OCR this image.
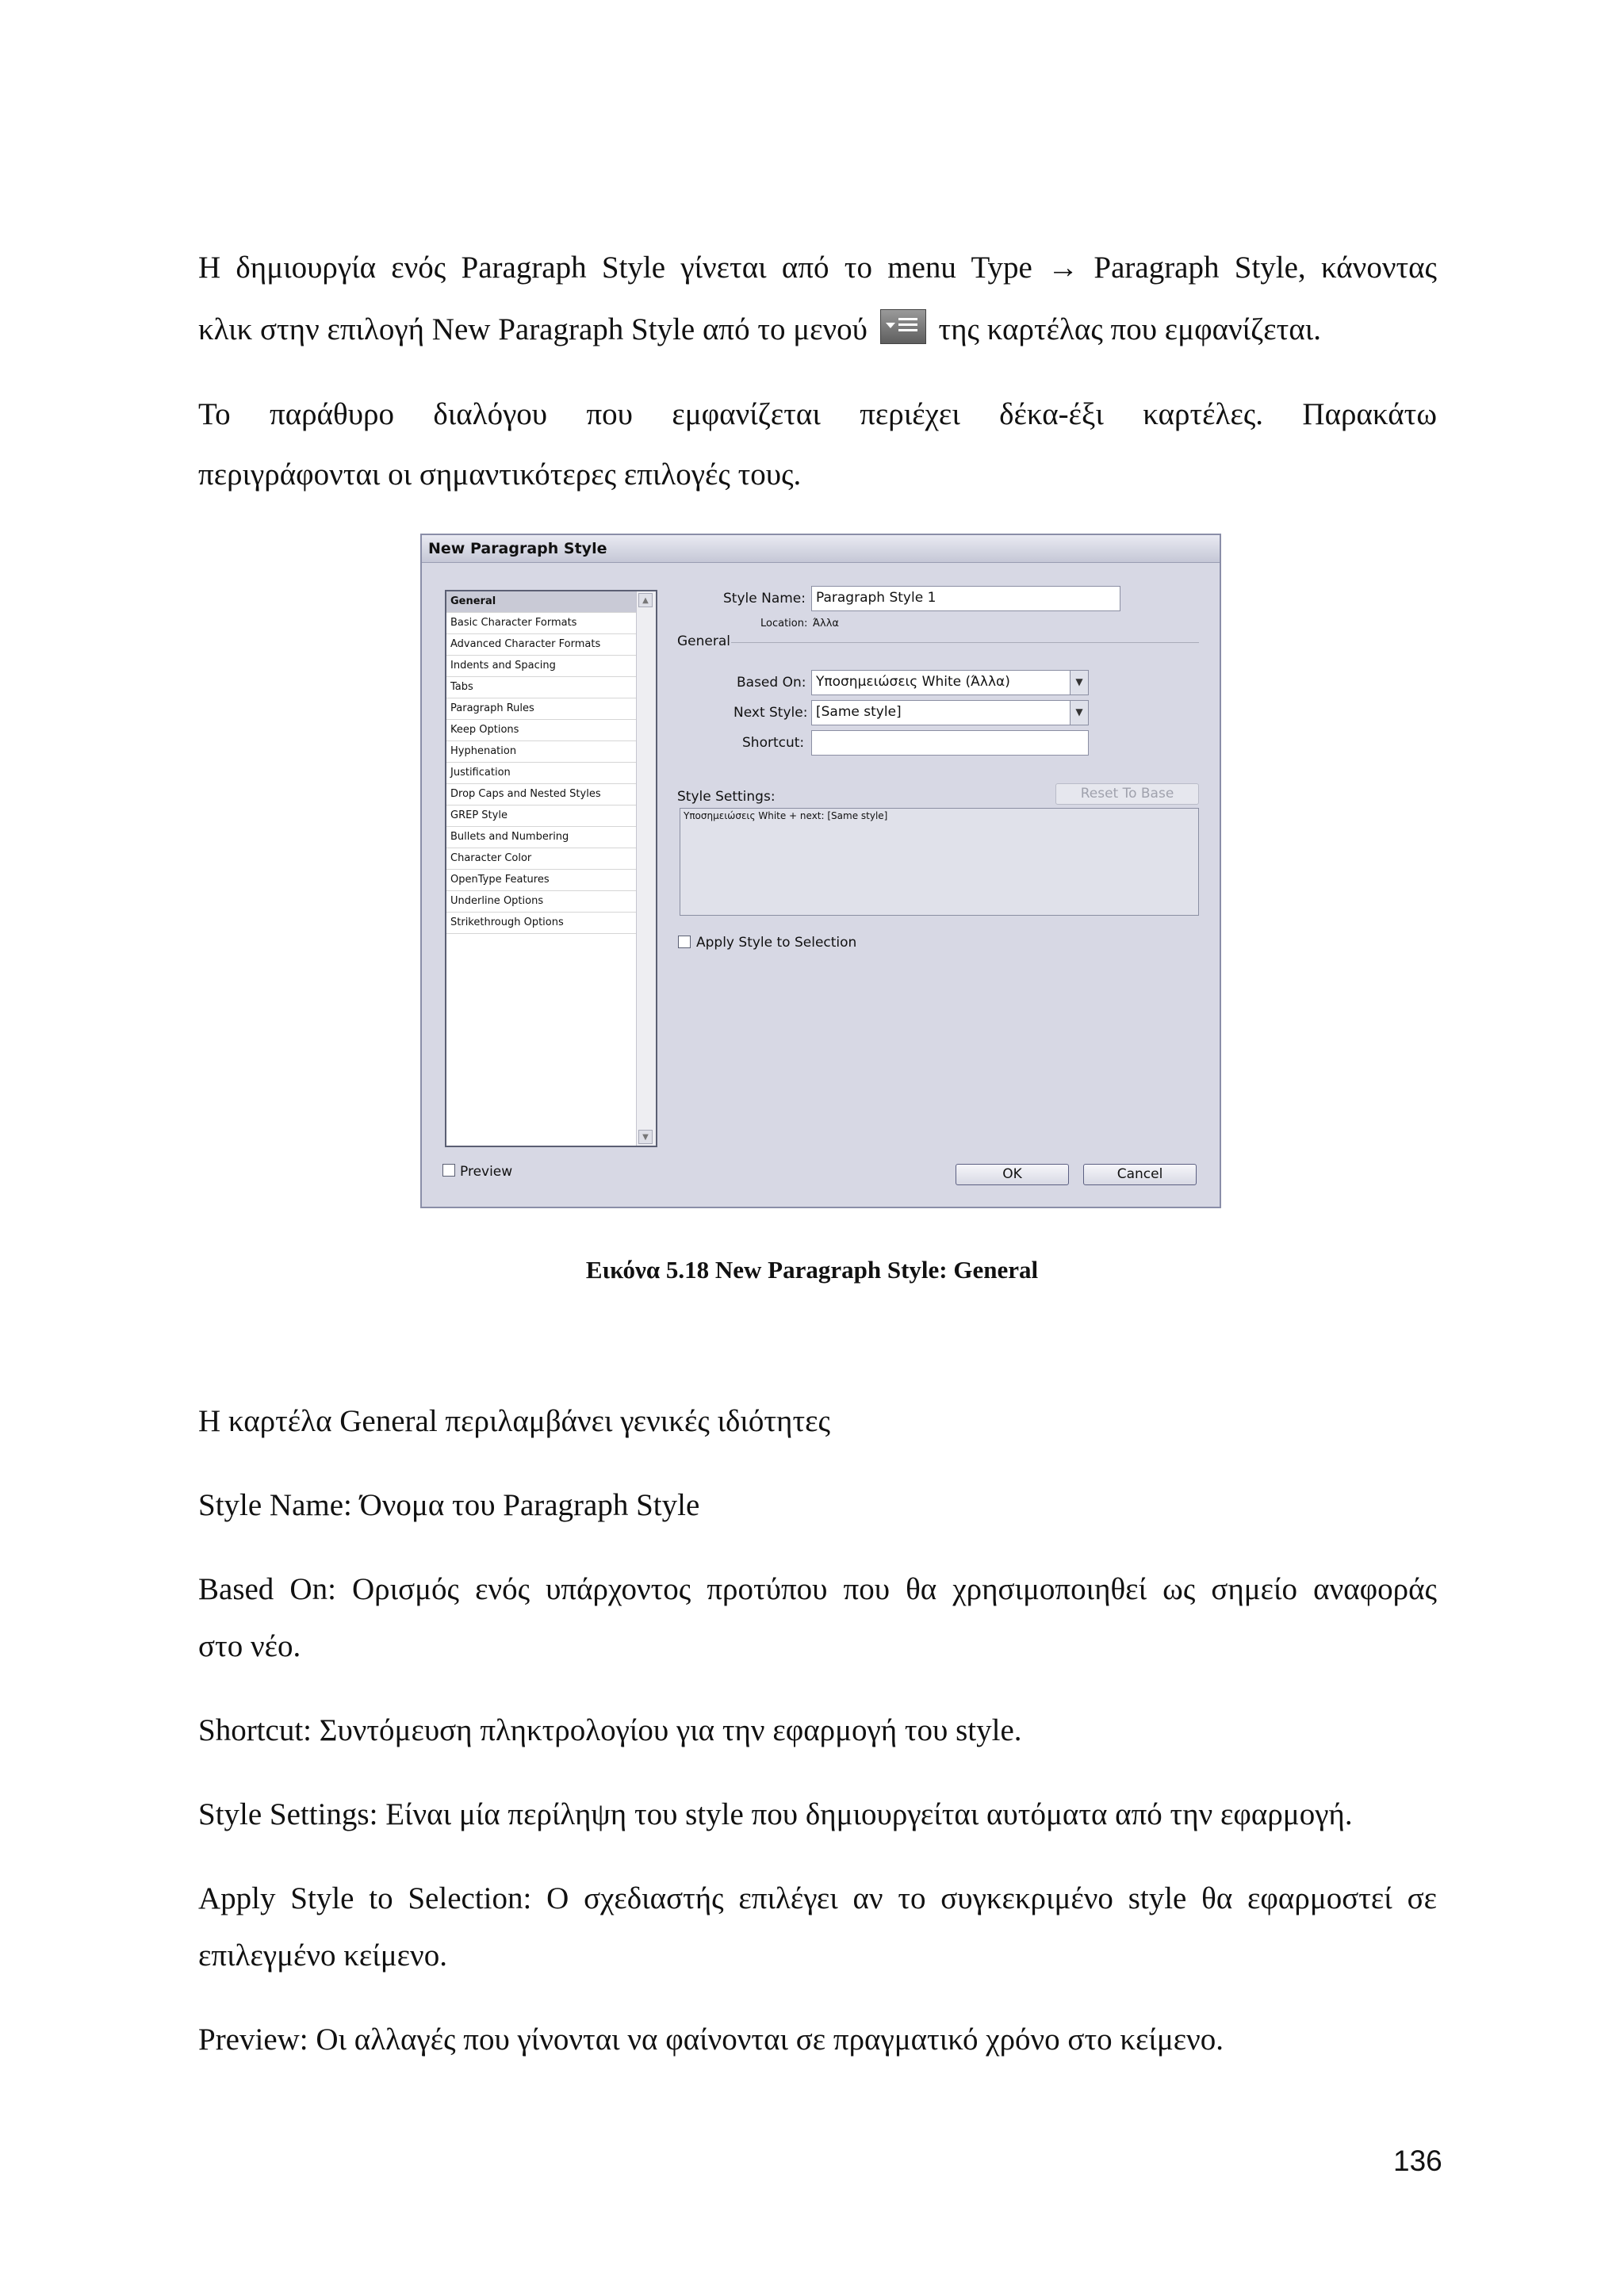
Η δημιουργία ενός Paragraph Style γίνεται από το menu Type → Paragraph Style, κάνοντας
κλικ στην επιλογή New Paragraph Style από το μενού της καρτέλας που εμφανίζεται.
Το παράθυρο διαλόγου που εμφανίζεται περιέχει δέκα-έξι καρτέλες. Παρακάτω
περιγράφονται οι σημαντικότερες επιλογές τους.
New Paragraph Style
General
Basic Character Formats
Advanced Character Formats
Indents and Spacing
Tabs
Paragraph Rules
Keep Options
Hyphenation
Justification
Drop Caps and Nested Styles
GREP Style
Bullets and Numbering
Character Color
OpenType Features
Underline Options
Strikethrough Options
▲
▼
Style Name: Paragraph Style 1
Location: Άλλα
General
Based On: Υποσημειώσεις White (Άλλα)	▼
Next Style: [Same style]	▼
Shortcut:
Style Settings:	Reset To Base
Υποσημειώσεις White + next: [Same style]
Apply Style to Selection
Preview	OK	Cancel
Εικόνα 5.18 New Paragraph Style: General
Η καρτέλα General περιλαμβάνει γενικές ιδιότητες
Style Name: Όνομα του Paragraph Style
Based On: Ορισμός ενός υπάρχοντος προτύπου που θα χρησιμοποιηθεί ως σημείο αναφοράς
στο νέο.
Shortcut: Συντόμευση πληκτρολογίου για την εφαρμογή του style.
Style Settings: Είναι μία περίληψη του style που δημιουργείται αυτόματα από την εφαρμογή.
Apply Style to Selection: Ο σχεδιαστής επιλέγει αν το συγκεκριμένο style θα εφαρμοστεί σε
επιλεγμένο κείμενο.
Preview: Οι αλλαγές που γίνονται να φαίνονται σε πραγματικό χρόνο στο κείμενο.
136
